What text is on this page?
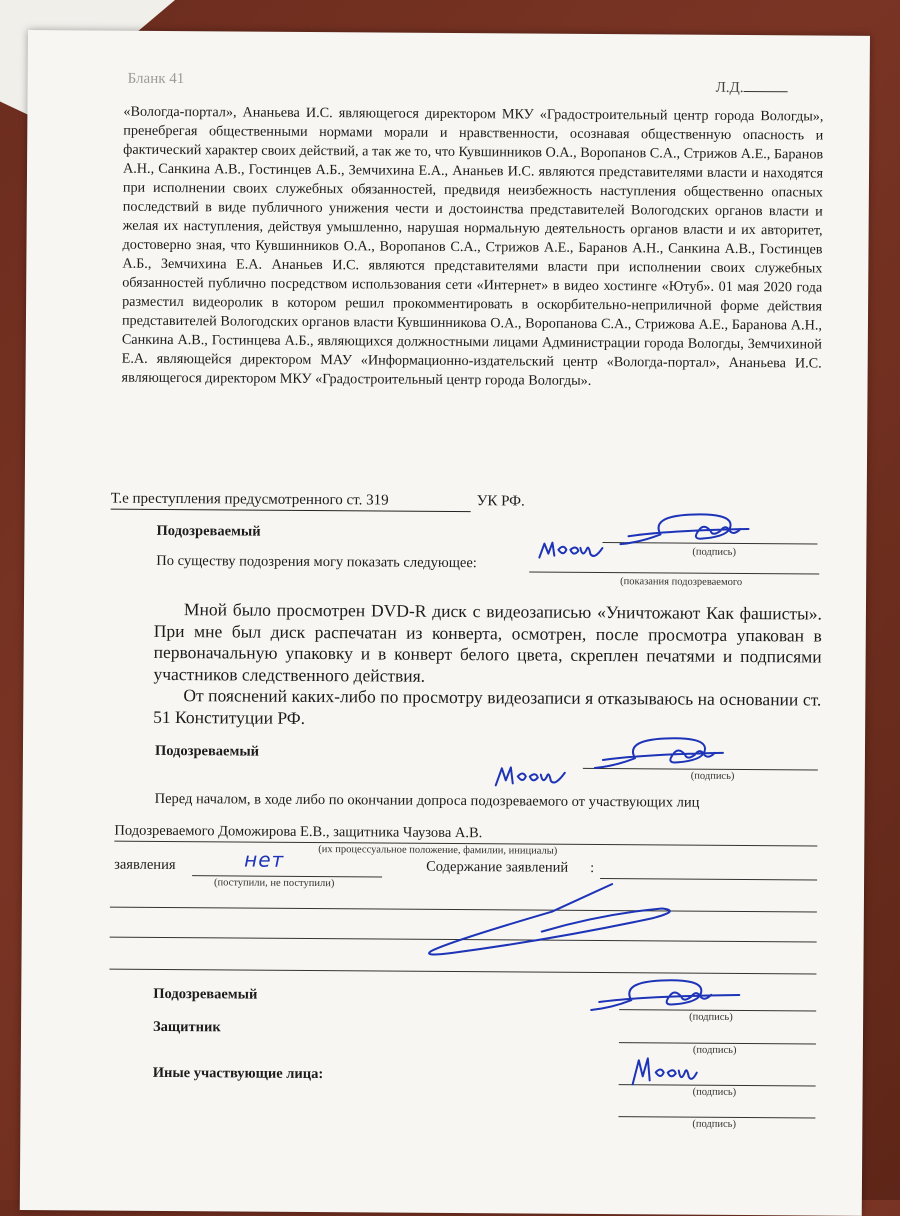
Бланк 41
Л.Д.
«Вологда-портал», Ананьева И.С. являющегося директором МКУ «Градостроительный центр города Вологды», пренебрегая общественными нормами морали и нравственности, осознавая общественную опасность и фактический характер своих действий, а так же то, что Кувшинников О.А., Воропанов С.А., Стрижов А.Е., Баранов А.Н., Санкина А.В., Гостинцев А.Б., Земчихина Е.А., Ананьев И.С. являются представителями власти и находятся при исполнении своих служебных обязанностей, предвидя неизбежность наступления общественно опасных последствий в виде публичного унижения чести и достоинства представителей Вологодских органов власти и желая их наступления, действуя умышленно, нарушая нормальную деятельность органов власти и их авторитет, достоверно зная, что Кувшинников О.А., Воропанов С.А., Стрижов А.Е., Баранов А.Н., Санкина А.В., Гостинцев А.Б., Земчихина Е.А. Ананьев И.С. являются представителями власти при исполнении своих служебных обязанностей публично посредством использования сети «Интернет» в видео хостинге «Ютуб». 01 мая 2020 года разместил видеоролик в котором решил прокомментировать в оскорбительно-неприличной форме действия представителей Вологодских органов власти Кувшинникова О.А., Воропанова С.А., Стрижова А.Е., Баранова А.Н., Санкина А.В., Гостинцева А.Б., являющихся должностными лицами Администрации города Вологды, Земчихиной Е.А. являющейся директором МАУ «Информационно-издательский центр «Вологда-портал», Ананьева И.С. являющегося директором МКУ «Градостроительный центр города Вологды».
Т.е преступления предусмотренного ст. 319	УК РФ.
Подозреваемый
По существу подозрения могу показать следующее:
(подпись)
(показания подозреваемого

Мной было просмотрен DVD-R диск с видеозаписью «Уничтожают Как фашисты». При мне был диск распечатан из конверта, осмотрен, после просмотра упакован в первоначальную упаковку и в конверт белого цвета, скреплен печатями и подписями участников следственного действия.

От пояснений каких-либо по просмотру видеозаписи я отказываюсь на основании ст. 51 Конституции РФ.

Подозреваемый
(подпись)
Перед началом, в ходе либо по окончании допроса подозреваемого от участвующих лиц
Подозреваемого Доможирова Е.В., защитника Чаузова А.В.
(их процессуальное положение, фамилии, инициалы)
заявления	нет
(поступили, не поступили)
Содержание заявлений :
Подозреваемый
(подпись)
Защитник
(подпись)
Иные участвующие лица:
(подпись)
(подпись)
